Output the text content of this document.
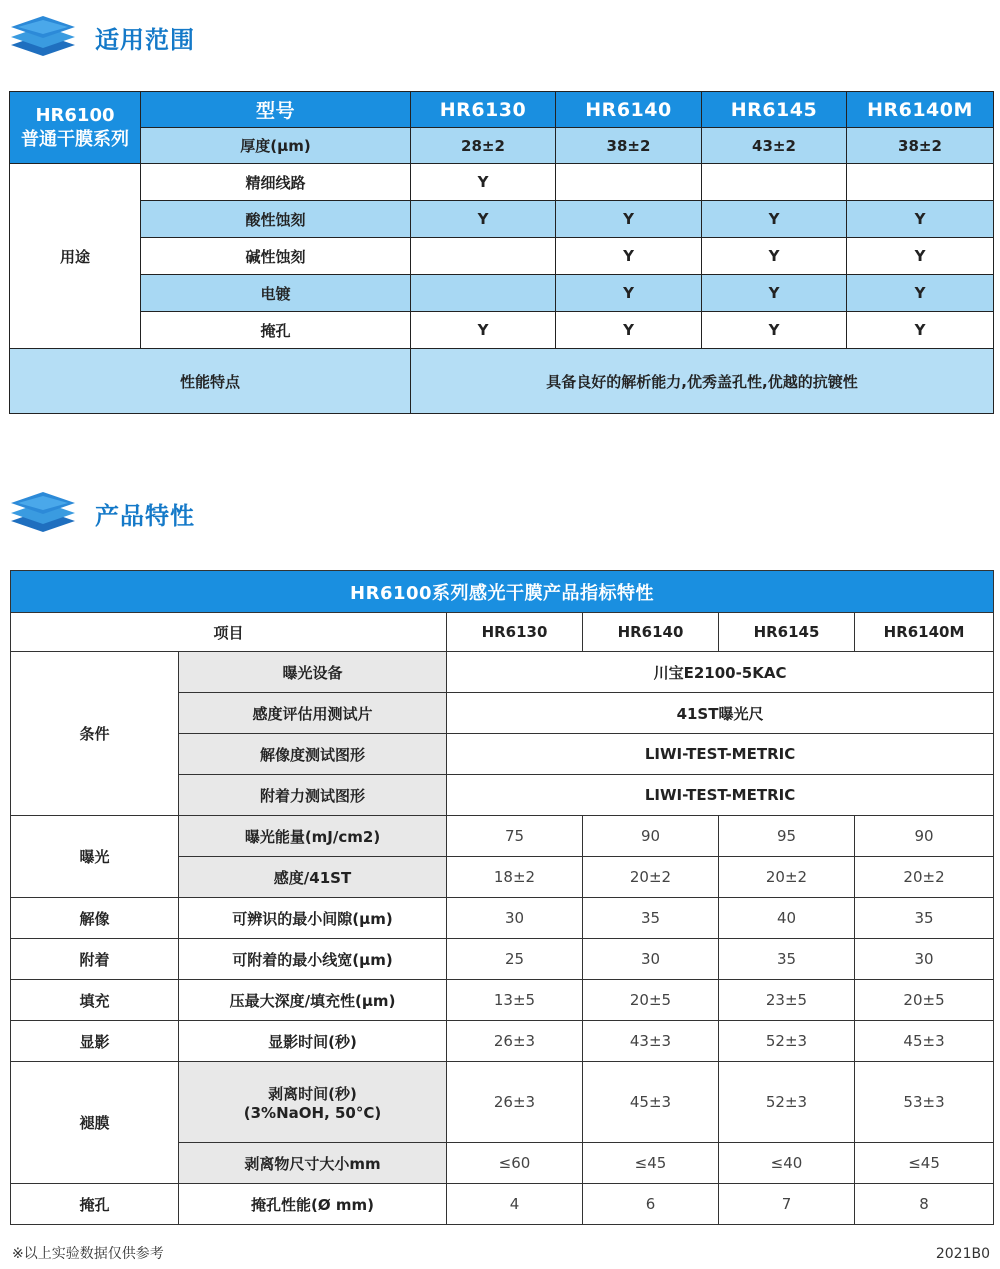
适用范围
HR6100
普通干膜系列	型号	HR6130	HR6140	HR6145	HR6140M
	厚度(μm)	28±2	38±2	43±2	38±2
用途	精细线路	Y			
	酸性蚀刻	Y	Y	Y	Y
	碱性蚀刻		Y	Y	Y
	电镀		Y	Y	Y
	掩孔	Y	Y	Y	Y
性能特点		具备良好的解析能力,优秀盖孔性,优越的抗镀性			
产品特性
HR6100系列感光干膜产品指标特性					
项目		HR6130	HR6140	HR6145	HR6140M
条件	曝光设备	川宝E2100-5KAC			
	感度评估用测试片	41ST曝光尺			
	解像度测试图形	LIWI-TEST-METRIC			
	附着力测试图形	LIWI-TEST-METRIC			
曝光	曝光能量(mJ/cm2)	75	90	95	90
	感度/41ST	18±2	20±2	20±2	20±2
解像	可辨识的最小间隙(μm)	30	35	40	35
附着	可附着的最小线宽(μm)	25	30	35	30
填充	压最大深度/填充性(μm)	13±5	20±5	23±5	20±5
显影	显影时间(秒)	26±3	43±3	52±3	45±3
褪膜	剥离时间(秒)
(3%NaOH, 50°C)	26±3	45±3	52±3	53±3
	剥离物尺寸大小mm	≤60	≤45	≤40	≤45
掩孔	掩孔性能(Ø mm)	4	6	7	8
※以上实验数据仅供参考	2021B0
